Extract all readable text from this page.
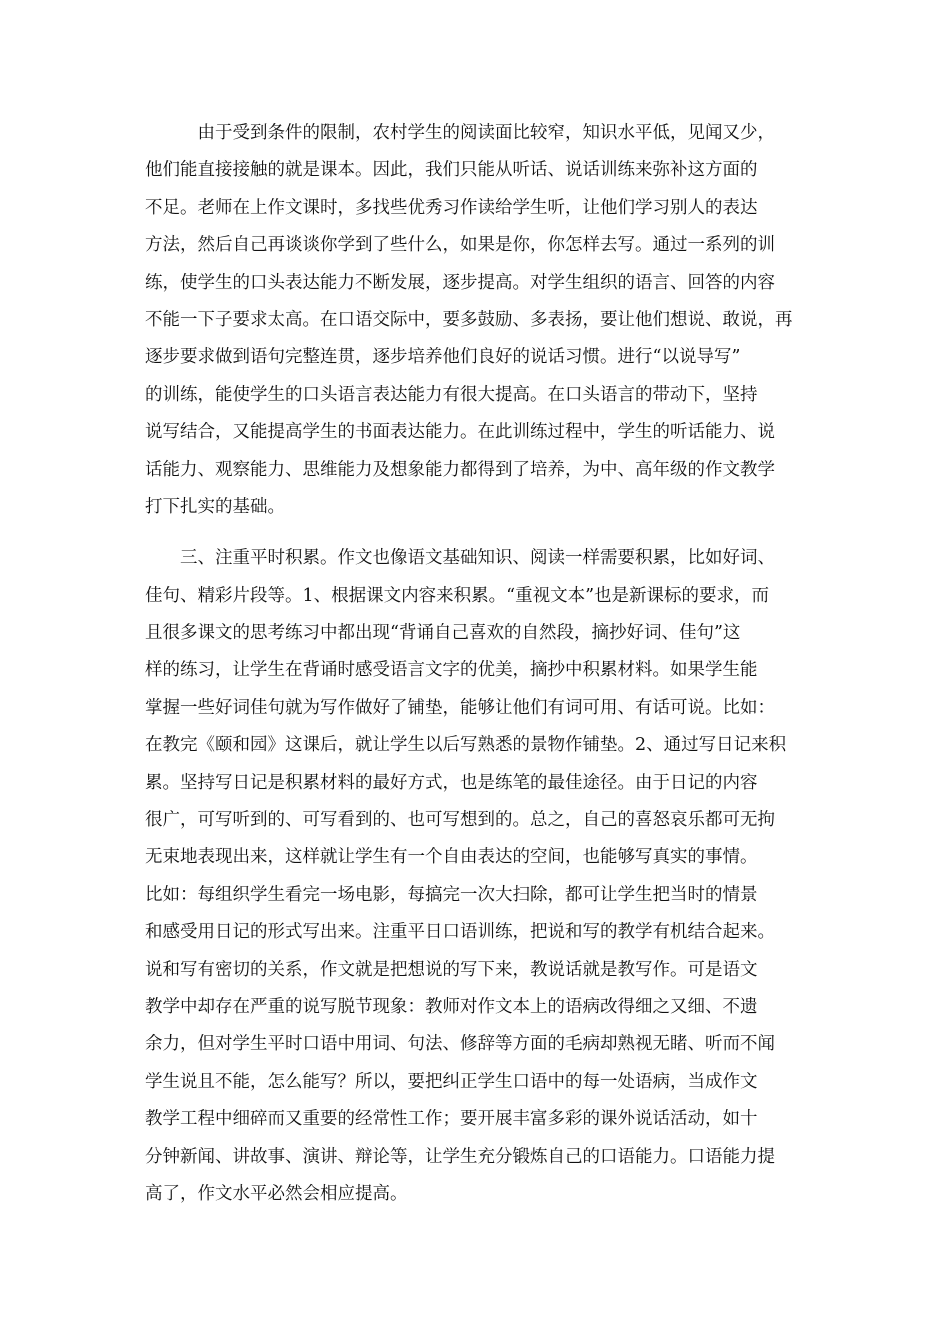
　　　由于受到条件的限制，农村学生的阅读面比较窄，知识水平低，见闻又少，
他们能直接接触的就是课本。因此，我们只能从听话、说话训练来弥补这方面的
不足。老师在上作文课时，多找些优秀习作读给学生听，让他们学习别人的表达
方法，然后自己再谈谈你学到了些什么，如果是你，你怎样去写。通过一系列的训
练，使学生的口头表达能力不断发展，逐步提高。对学生组织的语言、回答的内容
不能一下子要求太高。在口语交际中，要多鼓励、多表扬，要让他们想说、敢说，再
逐步要求做到语句完整连贯，逐步培养他们良好的说话习惯。进行“以说导写”
的训练，能使学生的口头语言表达能力有很大提高。在口头语言的带动下，坚持
说写结合，又能提高学生的书面表达能力。在此训练过程中，学生的听话能力、说
话能力、观察能力、思维能力及想象能力都得到了培养，为中、高年级的作文教学
打下扎实的基础。
　　三、注重平时积累。作文也像语文基础知识、阅读一样需要积累，比如好词、
佳句、精彩片段等。1、根据课文内容来积累。“重视文本”也是新课标的要求，而
且很多课文的思考练习中都出现“背诵自己喜欢的自然段，摘抄好词、佳句”这
样的练习，让学生在背诵时感受语言文字的优美，摘抄中积累材料。如果学生能
掌握一些好词佳句就为写作做好了铺垫，能够让他们有词可用、有话可说。比如：
在教完《颐和园》这课后，就让学生以后写熟悉的景物作铺垫。2、通过写日记来积
累。坚持写日记是积累材料的最好方式，也是练笔的最佳途径。由于日记的内容
很广，可写听到的、可写看到的、也可写想到的。总之，自己的喜怒哀乐都可无拘
无束地表现出来，这样就让学生有一个自由表达的空间，也能够写真实的事情。
比如：每组织学生看完一场电影，每搞完一次大扫除，都可让学生把当时的情景
和感受用日记的形式写出来。注重平日口语训练，把说和写的教学有机结合起来。
说和写有密切的关系，作文就是把想说的写下来，教说话就是教写作。可是语文
教学中却存在严重的说写脱节现象：教师对作文本上的语病改得细之又细、不遗
余力，但对学生平时口语中用词、句法、修辞等方面的毛病却熟视无睹、听而不闻
学生说且不能，怎么能写？所以，要把纠正学生口语中的每一处语病，当成作文
教学工程中细碎而又重要的经常性工作；要开展丰富多彩的课外说话活动，如十
分钟新闻、讲故事、演讲、辩论等，让学生充分锻炼自己的口语能力。口语能力提
高了，作文水平必然会相应提高。
